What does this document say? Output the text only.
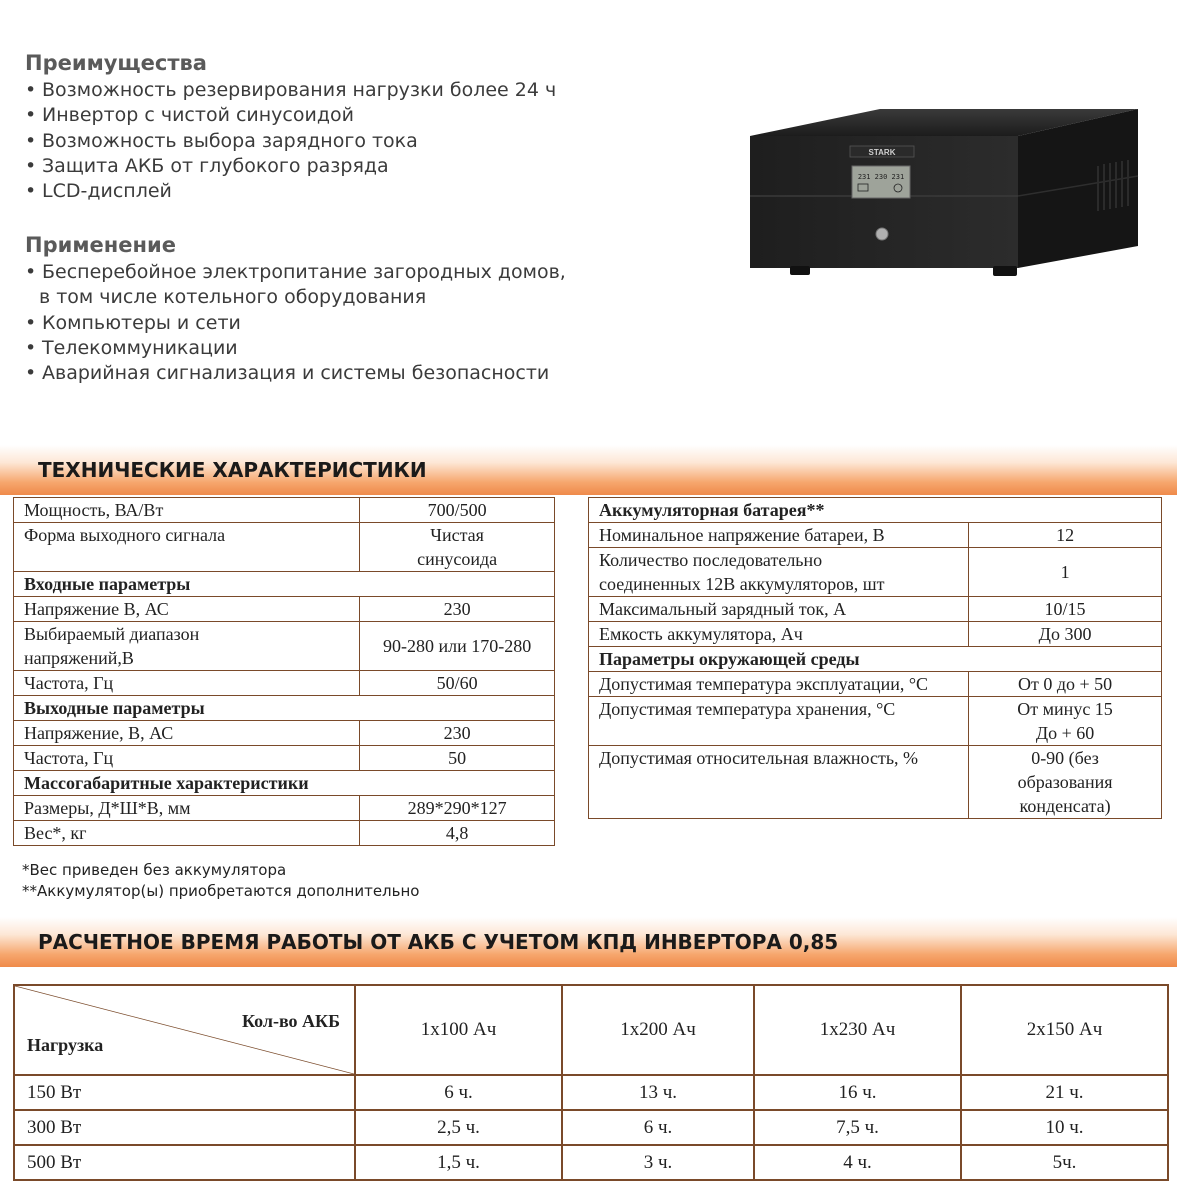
Преимущества
• Возможность резервирования нагрузки более 24 ч
• Инвертор с чистой синусоидой
• Возможность выбора зарядного тока
• Защита АКБ от глубокого разряда
• LCD-дисплей
Применение
• Бесперебойное электропитание загородных домов,
в том числе котельного оборудования
• Компьютеры и сети
• Телекоммуникации
• Аварийная сигнализация и системы безопасности
STARK
231 230 231
ТЕХНИЧЕСКИЕ ХАРАКТЕРИСТИКИ
Мощность, ВА/Вт	700/500
Форма выходного сигнала	Чистая синусоида
Входные параметры	
Напряжение В, АС	230
Выбираемый диапазон напряжений,В	90-280 или 170-280
Частота, Гц	50/60
Выходные параметры	
Напряжение, В, АС	230
Частота, Гц	50
Массогабаритные характеристики	
Размеры, Д*Ш*В, мм	289*290*127
Вес*, кг	4,8
Аккумуляторная батарея**	
Номинальное напряжение батареи, В	12
Количество последовательно соединенных 12В аккумуляторов, шт	1
Максимальный зарядный ток, А	10/15
Емкость аккумулятора, Ач	До 300
Параметры окружающей среды	
Допустимая температура эксплуатации, °С	От 0 до + 50
Допустимая температура хранения, °С	От минус 15 До + 60
Допустимая относительная влажность, %	0-90 (без образования конденсата)
*Вес приведен без аккумулятора
**Аккумулятор(ы) приобретаются дополнительно
РАСЧЕТНОЕ ВРЕМЯ РАБОТЫ ОТ АКБ С УЧЕТОМ КПД ИНВЕРТОРА 0,85
Кол-во АКБ
Нагрузка	1х100 Ач	1х200 Ач	1х230 Ач	2х150 Ач
150 Вт	6 ч.	13 ч.	16 ч.	21 ч.
300 Вт	2,5 ч.	6 ч.	7,5 ч.	10 ч.
500 Вт	1,5 ч.	3 ч.	4 ч.	5ч.
